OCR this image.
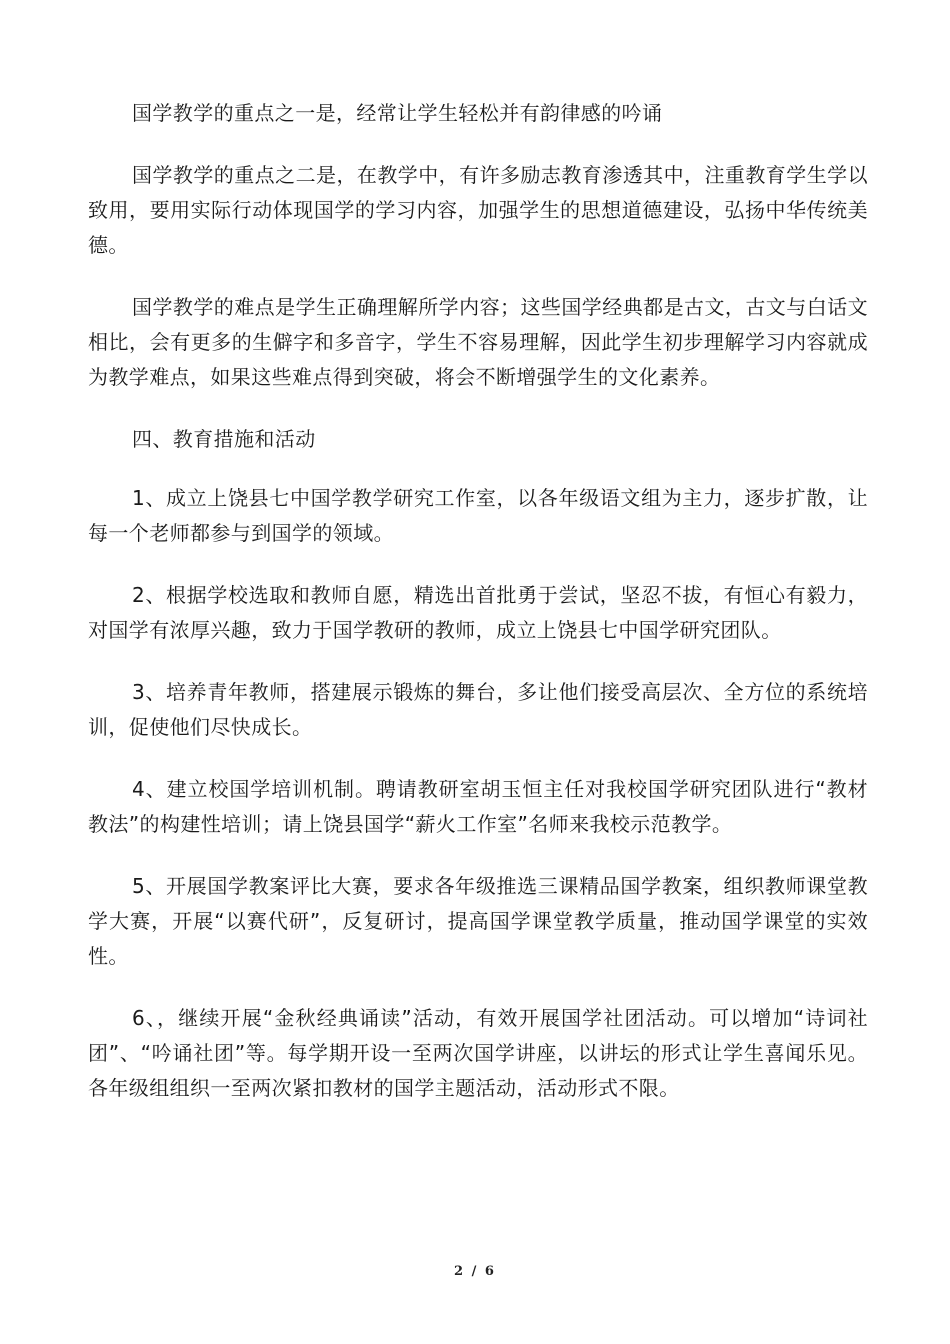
国学教学的重点之一是，经常让学生轻松并有韵律感的吟诵

国学教学的重点之二是，在教学中，有许多励志教育渗透其中，注重教育学生学以致用，要用实际行动体现国学的学习内容，加强学生的思想道德建设，弘扬中华传统美德。

国学教学的难点是学生正确理解所学内容；这些国学经典都是古文，古文与白话文相比，会有更多的生僻字和多音字，学生不容易理解，因此学生初步理解学习内容就成为教学难点，如果这些难点得到突破，将会不断增强学生的文化素养。

四、教育措施和活动

1、成立上饶县七中国学教学研究工作室，以各年级语文组为主力，逐步扩散，让每一个老师都参与到国学的领域。

2、根据学校选取和教师自愿，精选出首批勇于尝试，坚忍不拔，有恒心有毅力，对国学有浓厚兴趣，致力于国学教研的教师，成立上饶县七中国学研究团队。

3、培养青年教师，搭建展示锻炼的舞台，多让他们接受高层次、全方位的系统培训，促使他们尽快成长。

4、建立校国学培训机制。聘请教研室胡玉恒主任对我校国学研究团队进行“教材教法”的构建性培训；请上饶县国学“薪火工作室”名师来我校示范教学。

5、开展国学教案评比大赛，要求各年级推选三课精品国学教案，组织教师课堂教学大赛，开展“以赛代研”，反复研讨，提高国学课堂教学质量，推动国学课堂的实效性。

6、，继续开展“金秋经典诵读”活动，有效开展国学社团活动。可以增加“诗词社团”、“吟诵社团”等。每学期开设一至两次国学讲座，以讲坛的形式让学生喜闻乐见。各年级组组织一至两次紧扣教材的国学主题活动，活动形式不限。

2 / 6
